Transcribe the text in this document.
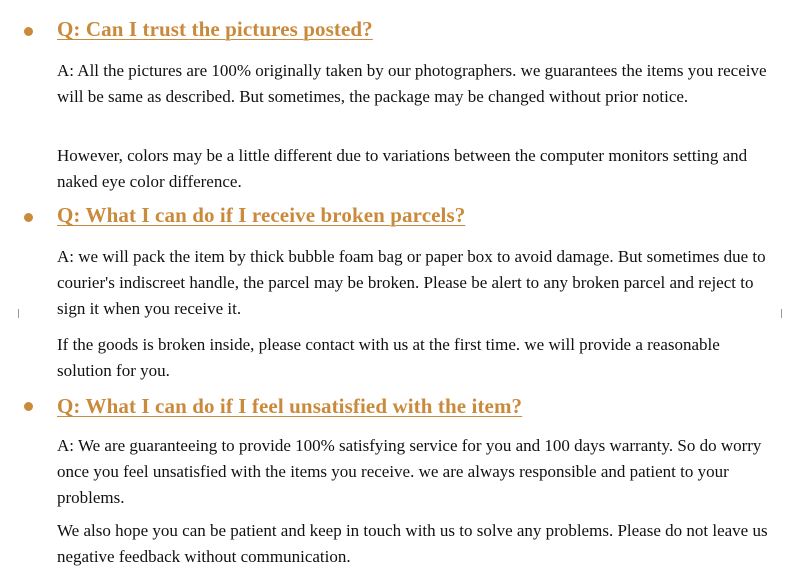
Q: Can I trust the pictures posted?

A: All the pictures are 100% originally taken by our photographers. we guarantees the items you receive will be same as described. But sometimes, the package may be changed without prior notice.

However, colors may be a little different due to variations between the computer monitors setting and naked eye color difference.

Q: What I can do if I receive broken parcels?

A: we will pack the item by thick bubble foam bag or paper box to avoid damage. But sometimes due to courier's indiscreet handle, the parcel may be broken. Please be alert to any broken parcel and reject to sign it when you receive it.

If the goods is broken inside, please contact with us at the first time. we will provide a reasonable solution for you.

Q: What I can do if I feel unsatisfied with the item?

A: We are guaranteeing to provide 100% satisfying service for you and 100 days warranty. So do worry once you feel unsatisfied with the items you receive. we are always responsible and patient to your problems.

We also hope you can be patient and keep in touch with us to solve any problems. Please do not leave us negative feedback without communication.
